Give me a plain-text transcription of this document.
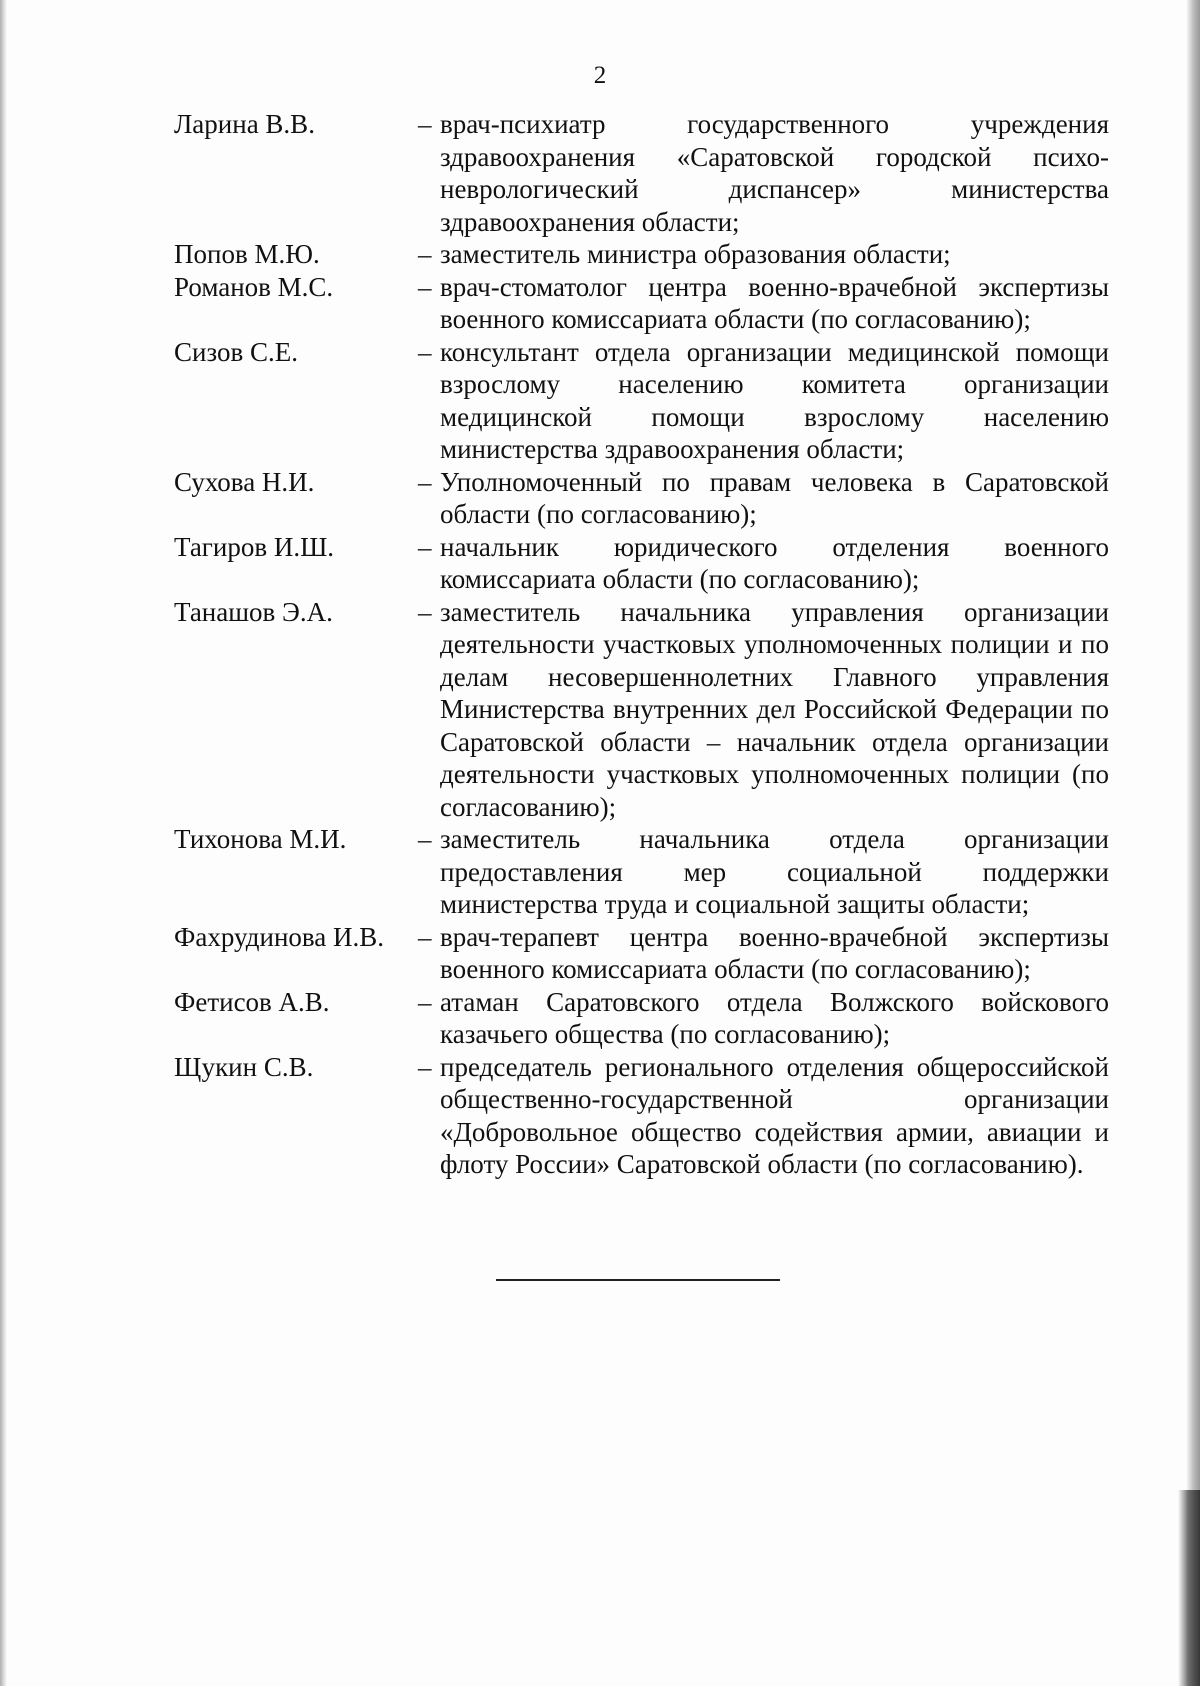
2
Ларина В.В.	– врач-психиатр государственного учреждения здравоохранения «Саратовской городской психо-неврологический диспансер» министерства здравоохранения области;
Попов М.Ю.	– заместитель министра образования области;
Романов М.С.	– врач-стоматолог центра военно-врачебной экспертизы военного комиссариата области (по согласованию);
Сизов С.Е.	– консультант отдела организации медицинской помощи взрослому населению комитета организации медицинской помощи взрослому населению министерства здравоохранения области;
Сухова Н.И.	– Уполномоченный по правам человека в Саратовской области (по согласованию);
Тагиров И.Ш.	– начальник юридического отделения военного комиссариата области (по согласованию);
Танашов Э.А.	– заместитель начальника управления организации деятельности участковых уполномоченных полиции и по делам несовершеннолетних Главного управления Министерства внутренних дел Российской Федерации по Саратовской области – начальник отдела организации деятельности участковых уполномоченных полиции (по согласованию);
Тихонова М.И.	– заместитель начальника отдела организации предоставления мер социальной поддержки министерства труда и социальной защиты области;
Фахрудинова И.В.	– врач-терапевт центра военно-врачебной экспертизы военного комиссариата области (по согласованию);
Фетисов А.В.	– атаман Саратовского отдела Волжского войскового казачьего общества (по согласованию);
Щукин С.В.	– председатель регионального отделения общероссийской общественно-государственной организации «Добровольное общество содействия армии, авиации и флоту России» Саратовской области (по согласованию).
